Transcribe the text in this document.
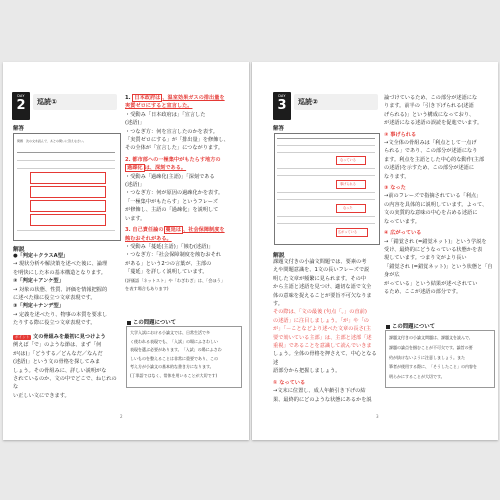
DAY
2	巡読①
解答
問題　次の文を読んで、あとの問いに答えなさい。
解説
●「判定＋クラスA型」
→ 現状分析や解決策を述べた後に、論理
を明快にした本の基本構造となります。
②「判定＋アンケ型」
→ 対象の状態、性質、評価を情報把握的
に述べた様に役立つ文章表現です。
③「判定＋ナンデ型」
→ 定義を述べたり、物事の本質を要求し
たりする際に役立つ文章表現です。
ポイント 文の骨組みを最初に見つけよう
例えば「で」のような節は、まず「何
が(は)」「どうする／どんなだ／なんだ
(述語)」という文の骨格を探してみま
しょう。その骨組みに、詳しい説明がな
されているのか、文の中でどこで、ねじれのな
い正しい文にできます。
1. 日本政府は 、温室効果ガスの排出量を
実質ゼロにすると宣言した。
・受動み「日本政府は」「宣言した
(述語)」
・つなぎ方：何を宣言したのかを表す。
「実質ゼロにする」が「排出量」を修飾し、
その全体が「宣言した」につながります。
2. 都市部への一極集中がもたらす地方の
過疎化 は、深刻である。
・受動み「過疎化(主語)」「深刻である
(述語)」
・つなぎ方：何が原因の過疎化かを表す。
「一極集中がもたらす」というフレーズ
が修飾し、主語の「過疎化」を説明して
います。
3. 自己責任論の 蔓延は 、社会保障制度を
蝕むおそれがある。
・受動み「蔓延(主語)」「蝕む(述語)」
・つなぎ方：「社会保障制度を蝕むおそれ
がある」という2つの言葉が、主部の
「蔓延」を詳しく説明しています。
(評価語「ネットスト」や「わざわざ」は、「会ほう」
を表す場合もあります)
この問題について
大学入試における小論文では、日常生活で多
く使われる表現でも、「入試」の場にふさわしい
表現を選ぶ必要があります。「入試」の場にふさわ
しいものを整えることは非常に重要であり、この
考え方が小論文の基本的な書き方になります。
(丁寧語ではなく、常体を用いることが大切です)
2
DAY
3	巡読②
解答
なっている
事げられる
なった
広がっている
解説
課題文付きの小論文問題では、要素の考
えや問題意識を、1文の長いフレーズで説
明した文章が頻繁に見られます。その中
から主語と述語を見つけ、適切な語で文全
体の意味を捉えることが要旨不可欠なります。
その際は、「文の最後 (句点「。」の直前)
の述語」に注目しましょう。「が」や「の
が」「－ことなどより述べた文章の長さ(主
要で効いている主部」は、主部と述部「述
重視」であることを意識して読んでいきま
しょう。全体の骨格を押さえて、中心となる述
語部分から把握しましょう。
① なっている
→文末に位置し、成人年齢引き下げの結
果、最終的にどのような状態にあるかを説
論づけているため、この部分が述語にな
ります。前半の「引き下げられる(述語
げられる)」という構成になっており、
が述語になる述語の誤読を促進でいます。
② 事げられる
→文全体の骨組みは「利点として一点げ
られる」であり、この部分が述語になり
ます。利点を主語とした中心的な動作(主部
の述語)を示すため、この部分が述語に
なります。
③ なった
→前のフレーズで指摘されている「利点」
の内容を具体的に説明しています。よって、
文の実質的な意味の中心を占める述語に
なっています。
④ 広がっている
→「錯覚され (=錯覚ネット)」という学説を
受け、最終的にどうなっている状態かを表
現しています。つまり文がより長い
「錯覚され (=錯覚ネット)」という状態と「自身が広
がっている」という結果が述べされてい
るため、ここが述語の部分です。
この問題について
課題文付きの小論文問題は、課題文を読んで、
課題の論点を掴むことが不可欠です。論旨の要
約が抜けないように注意しましょう。また
筆者が使用する際に、「そうしたこと」の内容を
明らかにすることが大切です。
3
